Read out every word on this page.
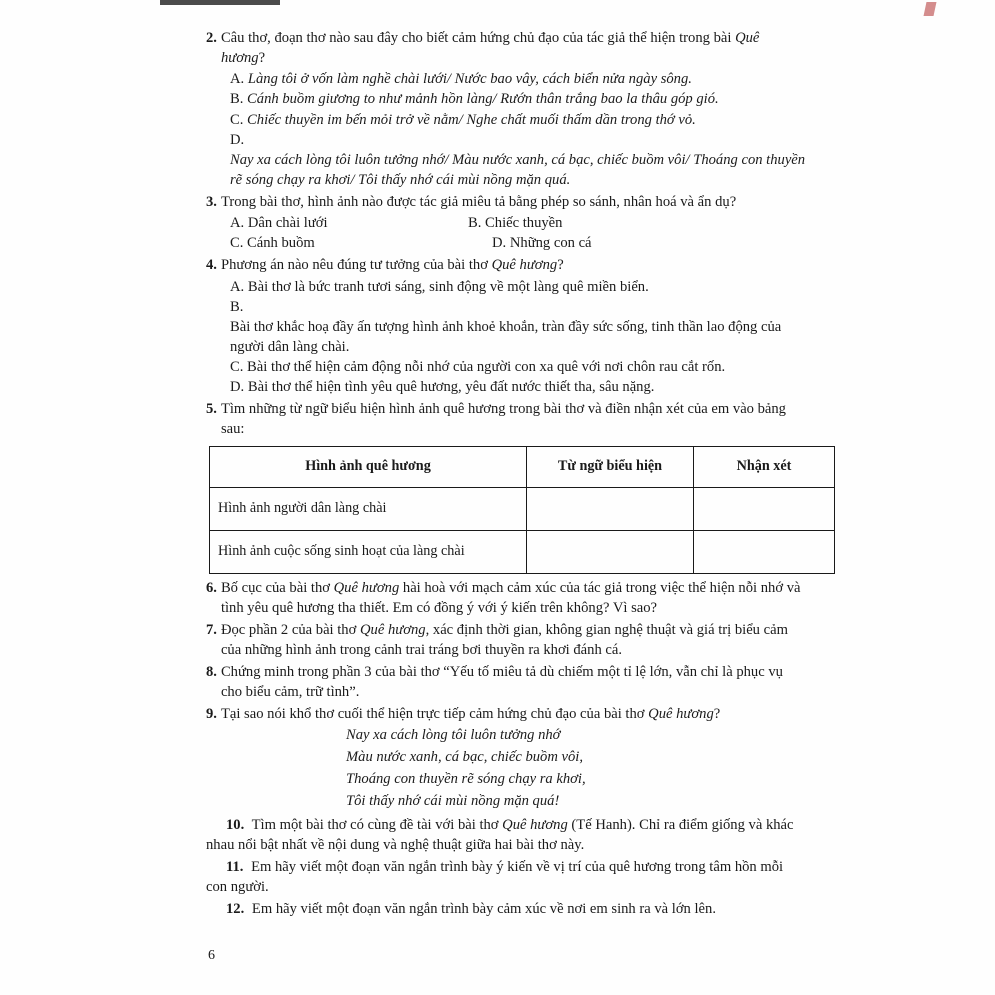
2. Câu thơ, đoạn thơ nào sau đây cho biết cảm hứng chủ đạo của tác giả thể hiện trong bài Quê hương?
A. Làng tôi ở vốn làm nghề chài lưới/ Nước bao vây, cách biển nửa ngày sông.
B. Cánh buồm giương to như mảnh hồn làng/ Rướn thân trắng bao la thâu góp gió.
C. Chiếc thuyền im bến mỏi trở về nằm/ Nghe chất muối thấm dần trong thớ vỏ.
D. Nay xa cách lòng tôi luôn tưởng nhớ/ Màu nước xanh, cá bạc, chiếc buồm vôi/ Thoáng con thuyền rẽ sóng chạy ra khơi/ Tôi thấy nhớ cái mùi nồng mặn quá.
3. Trong bài thơ, hình ảnh nào được tác giả miêu tả bằng phép so sánh, nhân hoá và ẩn dụ?
A. Dân chài lưới	B. Chiếc thuyền
C. Cánh buồm	D. Những con cá
4. Phương án nào nêu đúng tư tưởng của bài thơ Quê hương?
A. Bài thơ là bức tranh tươi sáng, sinh động về một làng quê miền biển.
B. Bài thơ khắc hoạ đầy ấn tượng hình ảnh khoẻ khoắn, tràn đầy sức sống, tinh thần lao động của người dân làng chài.
C. Bài thơ thể hiện cảm động nỗi nhớ của người con xa quê với nơi chôn rau cắt rốn.
D. Bài thơ thể hiện tình yêu quê hương, yêu đất nước thiết tha, sâu nặng.
5. Tìm những từ ngữ biểu hiện hình ảnh quê hương trong bài thơ và điền nhận xét của em vào bảng sau:
Hình ảnh quê hương	Từ ngữ biểu hiện	Nhận xét
Hình ảnh người dân làng chài		
Hình ảnh cuộc sống sinh hoạt của làng chài		
6. Bố cục của bài thơ Quê hương hài hoà với mạch cảm xúc của tác giả trong việc thể hiện nỗi nhớ và tình yêu quê hương tha thiết. Em có đồng ý với ý kiến trên không? Vì sao?
7. Đọc phần 2 của bài thơ Quê hương, xác định thời gian, không gian nghệ thuật và giá trị biểu cảm của những hình ảnh trong cảnh trai tráng bơi thuyền ra khơi đánh cá.
8. Chứng minh trong phần 3 của bài thơ “Yếu tố miêu tả dù chiếm một tỉ lệ lớn, vẫn chỉ là phục vụ cho biểu cảm, trữ tình”.
9. Tại sao nói khổ thơ cuối thể hiện trực tiếp cảm hứng chủ đạo của bài thơ Quê hương?
Nay xa cách lòng tôi luôn tưởng nhớ
Màu nước xanh, cá bạc, chiếc buồm vôi,
Thoáng con thuyền rẽ sóng chạy ra khơi,
Tôi thấy nhớ cái mùi nồng mặn quá!
10. Tìm một bài thơ có cùng đề tài với bài thơ Quê hương (Tế Hanh). Chỉ ra điểm giống và khác nhau nổi bật nhất về nội dung và nghệ thuật giữa hai bài thơ này.
11. Em hãy viết một đoạn văn ngắn trình bày ý kiến về vị trí của quê hương trong tâm hồn mỗi con người.
12. Em hãy viết một đoạn văn ngắn trình bày cảm xúc về nơi em sinh ra và lớn lên.
6
